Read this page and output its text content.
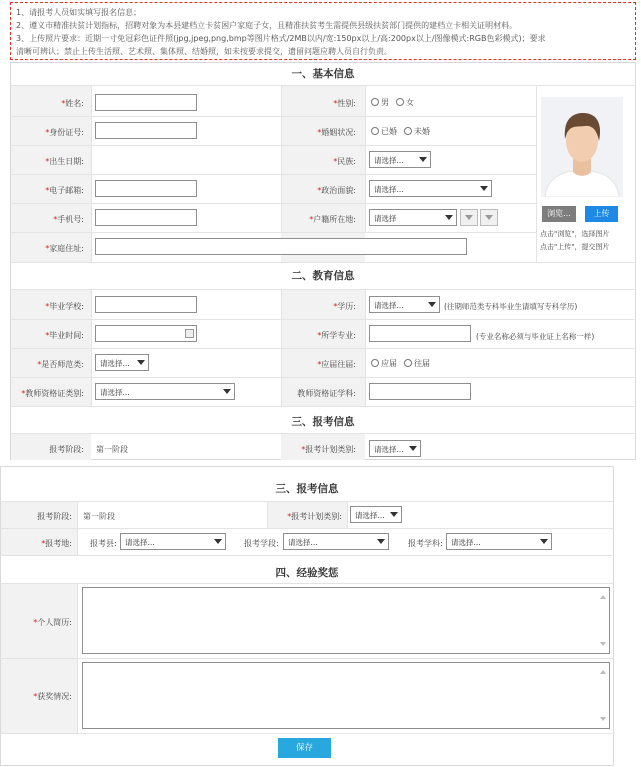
1、请报考人员如实填写报名信息；
2、遵义市精准扶贫计划指标，招聘对象为本县建档立卡贫困户家庭子女，且精准扶贫考生需提供县级扶贫部门提供的建档立卡相关证明材料。
3、上传照片要求：近期一寸免冠彩色证件照(jpg,jpeg,png,bmp等图片格式/2MB以内/宽:150px以上/高:200px以上/图像模式:RGB色彩模式)；要求
清晰可辨认；禁止上传生活照、艺术照、集体照、结婚照，如未按要求提交，遗留问题应聘人员自行负责。
一、基本信息
*姓名:	*性别:	男	女
*身份证号:	*婚姻状况:	已婚	未婚
*出生日期:	*民族:	请选择...
*电子邮箱:	*政治面貌:	请选择...
*手机号:	*户籍所在地:	请选择
*家庭住址:
浏览...	上传
点击"浏览"，选择图片
点击"上传"，提交图片
二、教育信息
*毕业学校:	*学历:	请选择...	(往期师范类专科毕业生请填写专科学历)
*毕业时间:	*所学专业:	(专业名称必须与毕业证上名称一样)
*是否师范类:	请选择...	*应届往届:	应届	往届
*教师资格证类别:	请选择...	教师资格证学科:
三、报考信息
报考阶段: 第一阶段	*报考计划类别:	请选择...
三、报考信息
报考阶段: 第一阶段	*报考计划类别:	请选择...
*报考地: 报考县:	请选择...	报考学段:	请选择...	报考学科:	请选择...
四、经验奖惩
*个人简历:
*获奖情况:
保存
